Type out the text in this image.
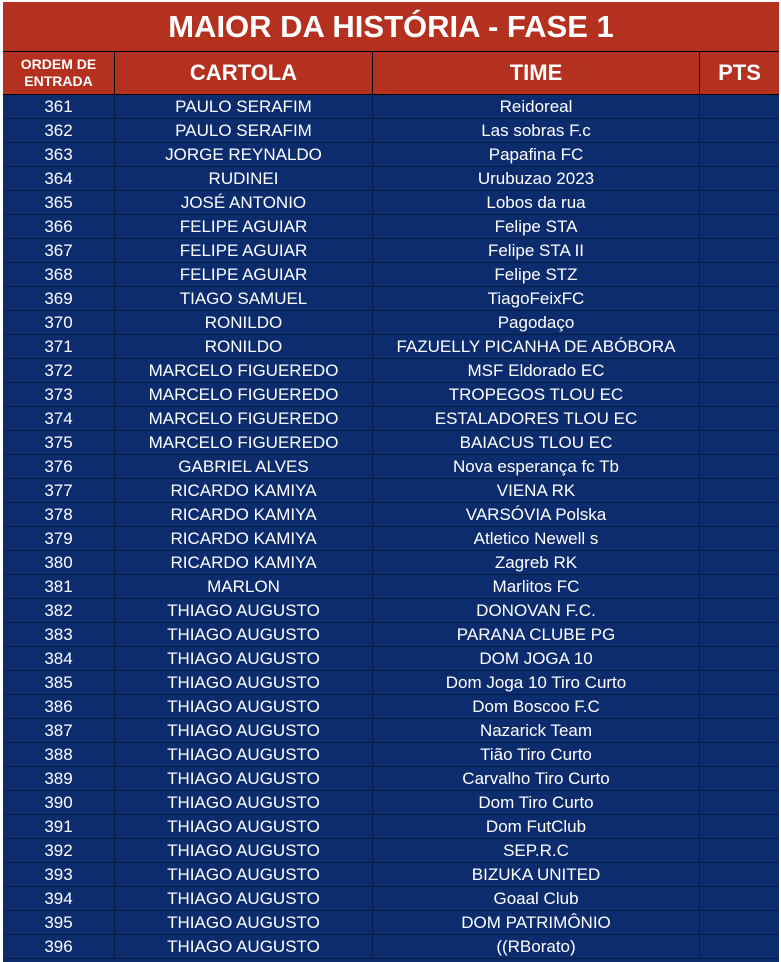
MAIOR DA HISTÓRIA - FASE 1
ORDEM DE ENTRADA	CARTOLA	TIME	PTS
361	PAULO SERAFIM	Reidoreal
362	PAULO SERAFIM	Las sobras F.c
363	JORGE REYNALDO	Papafina FC
364	RUDINEI	Urubuzao 2023
365	JOSÉ ANTONIO	Lobos da rua
366	FELIPE AGUIAR	Felipe STA
367	FELIPE AGUIAR	Felipe STA II
368	FELIPE AGUIAR	Felipe STZ
369	TIAGO SAMUEL	TiagoFeixFC
370	RONILDO	Pagodaço
371	RONILDO	FAZUELLY PICANHA DE ABÓBORA
372	MARCELO FIGUEREDO	MSF Eldorado EC
373	MARCELO FIGUEREDO	TROPEGOS TLOU EC
374	MARCELO FIGUEREDO	ESTALADORES TLOU EC
375	MARCELO FIGUEREDO	BAIACUS TLOU EC
376	GABRIEL ALVES	Nova esperança fc Tb
377	RICARDO KAMIYA	VIENA RK
378	RICARDO KAMIYA	VARSÓVIA Polska
379	RICARDO KAMIYA	Atletico Newell s
380	RICARDO KAMIYA	Zagreb RK
381	MARLON	Marlitos FC
382	THIAGO AUGUSTO	DONOVAN F.C.
383	THIAGO AUGUSTO	PARANA CLUBE PG
384	THIAGO AUGUSTO	DOM JOGA 10
385	THIAGO AUGUSTO	Dom Joga 10 Tiro Curto
386	THIAGO AUGUSTO	Dom Boscoo F.C
387	THIAGO AUGUSTO	Nazarick Team
388	THIAGO AUGUSTO	Tião Tiro Curto
389	THIAGO AUGUSTO	Carvalho Tiro Curto
390	THIAGO AUGUSTO	Dom Tiro Curto
391	THIAGO AUGUSTO	Dom FutClub
392	THIAGO AUGUSTO	SEP.R.C
393	THIAGO AUGUSTO	BIZUKA UNITED
394	THIAGO AUGUSTO	Goaal Club
395	THIAGO AUGUSTO	DOM PATRIMÔNIO
396	THIAGO AUGUSTO	((RBorato)
